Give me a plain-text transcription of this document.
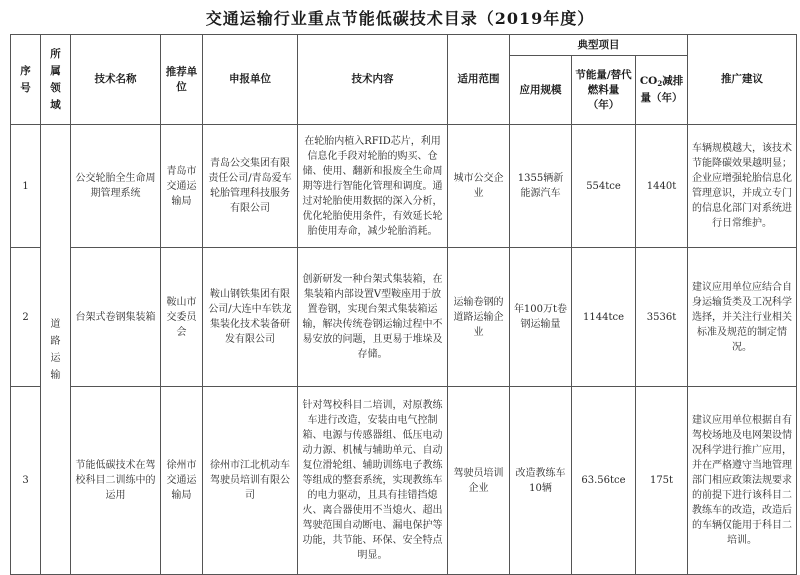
交通运输行业重点节能低碳技术目录（2019年度）
序号	所属领域	技术名称	推荐单位	申报单位	技术内容	适用范围	典型项目			推广建议
							应用规模	节能量/替代燃料量（年）	$CO_2$减排量（年）	
1	道路运输	公交轮胎全生命周期管理系统	青岛市交通运输局	青岛公交集团有限责任公司/青岛爱车轮胎管理科技服务有限公司	在轮胎内植入RFID芯片，利用信息化手段对轮胎的购买、仓储、使用、翻新和报废全生命周期等进行智能化管理和调度。通过对轮胎使用数据的深入分析，优化轮胎使用条件，有效延长轮胎使用寿命，减少轮胎消耗。	城市公交企业	1355辆新能源汽车	554tce	1440t	车辆规模越大，该技术节能降碳效果越明显；企业应增强轮胎信息化管理意识，并成立专门的信息化部门对系统进行日常维护。
2		台架式卷钢集装箱	鞍山市交委员会	鞍山钢铁集团有限公司/大连中车铁龙集装化技术装备研发有限公司	创新研发一种台架式集装箱，在集装箱内部设置V型鞍座用于放置卷钢，实现台架式集装箱运输，解决传统卷钢运输过程中不易安放的问题，且更易于堆垛及存储。	运输卷钢的道路运输企业	年100万t卷钢运输量	1144tce	3536t	建议应用单位应结合自身运输货类及工况科学选择，并关注行业相关标准及规范的制定情况。
3		节能低碳技术在驾校科目二训练中的运用	徐州市交通运输局	徐州市江北机动车驾驶员培训有限公司	针对驾校科目二培训，对原教练车进行改造，安装由电气控制箱、电源与传感器组、低压电动动力源、机械与辅助单元、自动复位滑轮组、辅助训练电子教练等组成的整套系统，实现教练车的电力驱动，且具有挂错挡熄火、离合器使用不当熄火、超出驾驶范围自动断电、漏电保护等功能，共节能、环保、安全特点明显。	驾驶员培训企业	改造教练车10辆	63.56tce	175t	建议应用单位根据自有驾校场地及电网架设情况科学进行推广应用，并在严格遵守当地管理部门相应政策法规要求的前提下进行该科目二教练车的改造，改造后的车辆仅能用于科目二培训。
